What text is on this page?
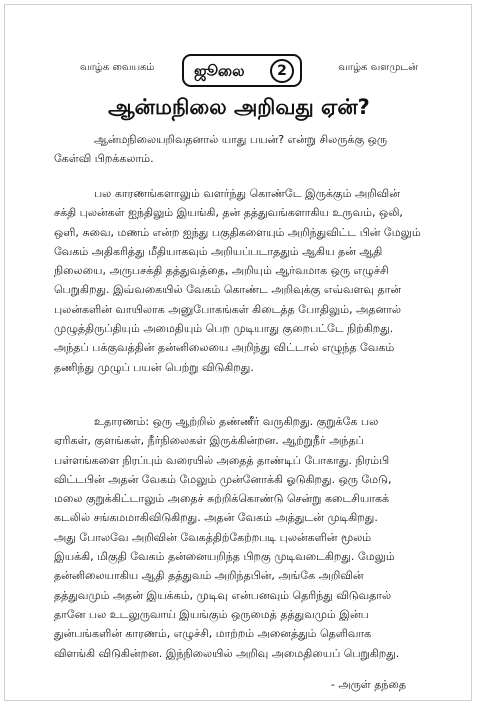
வாழ்க வையகம்	வாழ்க வளமுடன்
ஜூலை	2
ஆன்மநிலை அறிவது ஏன்?
ஆன்மநிலையறிவதனால் யாது பயன்? என்று சிலருக்கு ஒரு
கேள்வி பிறக்கலாம்.
பல காரணங்களாலும் வளர்ந்து கொண்டே இருக்கும் அறிவின்
சக்தி புலன்கள் ஐந்திலும் இயங்கி, தன் தத்துவங்களாகிய உருவம், ஒலி,
ஒளி, சுவை, மணம் என்ற ஐந்து பகுதிகளையும் அறிந்துவிட்ட பின் மேலும்
வேகம் அதிகரித்து மீதியாகவும் அறியப்படாததும் ஆகிய தன் ஆதி
நிலையை, அருபசக்தி தத்துவத்தை, அறியும் ஆர்வமாக ஒரு எழுச்சி
பெறுகிறது. இவ்வகையில் வேகம் கொண்ட அறிவுக்கு எவ்வளவு தான்
புலன்களின் வாயிலாக அனுபோகங்கள் கிடைத்த போதிலும், அதனால்
முழுத்திருப்தியும் அமைதியும் பெற முடியாது குறைபட்டே நிற்கிறது.
அந்தப் பக்குவத்தின் தன்னிலையை அறிந்து விட்டால் எழுந்த வேகம்
தணிந்து முழுப் பயன் பெற்று விடுகிறது.
உதாரணம்: ஒரு ஆற்றில் தண்ணீர் வருகிறது. குறுக்கே பல
ஏரிகள், குளங்கள், நீர்நிலைகள் இருக்கின்றன. ஆற்றுநீர் அந்தப்
பள்ளங்களை நிரப்பும் வரையில் அதைத் தாண்டிப் போகாது. நிரம்பி
விட்டபின் அதன் வேகம் மேலும் முன்னோக்கி ஓடுகிறது. ஒரு மேடு,
மலை குறுக்கிட்டாலும் அதைச் சுற்றிக்கொண்டு சென்று கடைசியாகக்
கடலில் சங்கமமாகிவிடுகிறது. அதன் வேகம் அத்துடன் முடிகிறது.
அது போலவே அறிவின் வேகத்திற்கேற்றபடி புலன்களின் மூலம்
இயக்கி, மிகுதி வேகம் தன்னையறிந்த பிறகு முடிவடைகிறது. மேலும்
தன்னிலையாகிய ஆதி தத்துவம் அறிந்தபின், அங்கே அறிவின்
தத்துவமும் அதன் இயக்கம், முடிவு என்பனவும் தெரிந்து விடுவதால்
தானே பல உடலுருவாய் இயங்கும் ஒருமைத் தத்துவமும் இன்ப
துன்பங்களின் காரணம், எழுச்சி, மாற்றம் அனைத்தும் தெளிவாக
விளங்கி விடுகின்றன. இந்நிலையில் அறிவு அமைதியைப் பெறுகிறது.
- அருள் தந்தை
